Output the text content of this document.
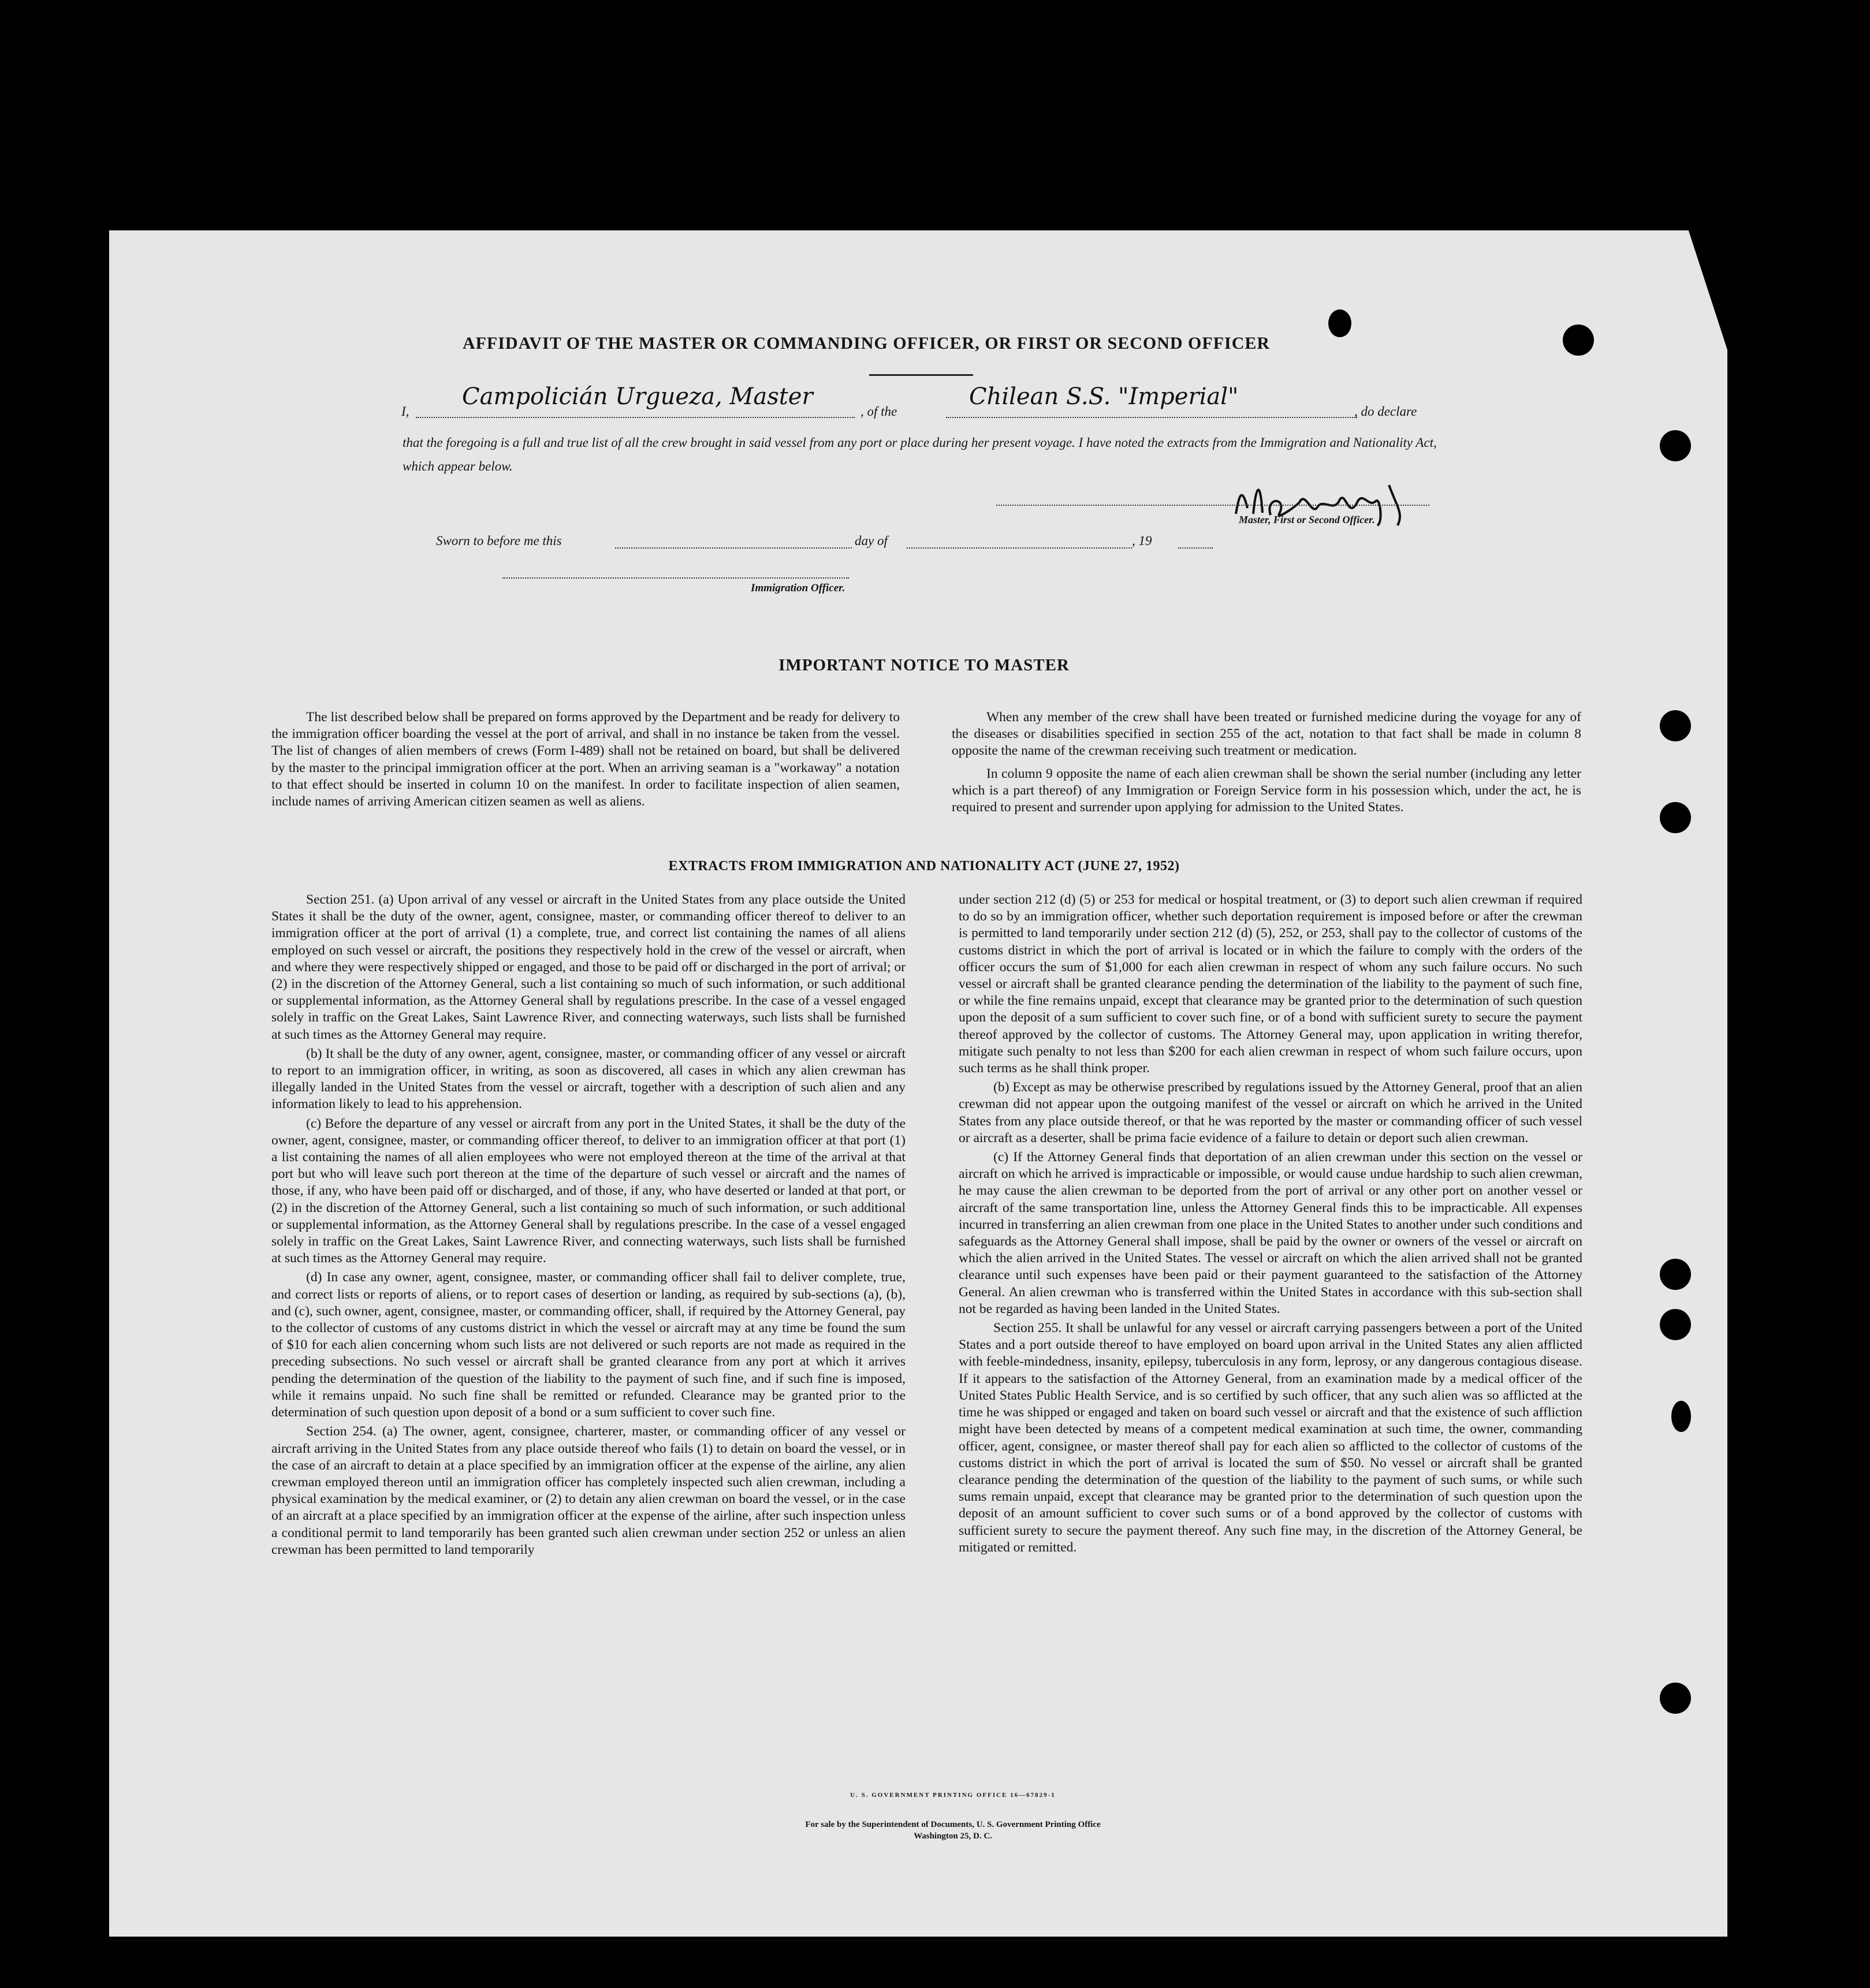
AFFIDAVIT OF THE MASTER OR COMMANDING OFFICER, OR FIRST OR SECOND OFFICER
I,
Campolicián Urgueza, Master
, of the
Chilean S.S. "Imperial"
, do declare
that the foregoing is a full and true list of all the crew brought in said vessel from any port or place during her present voyage. I have noted the extracts from the Immigration and Nationality Act, which appear below.
Master, First or Second Officer.
Sworn to before me this	day of	, 19
Immigration Officer.
IMPORTANT NOTICE TO MASTER

The list described below shall be prepared on forms approved by the Department and be ready for delivery to the immigration officer boarding the vessel at the port of arrival, and shall in no instance be taken from the vessel. The list of changes of alien members of crews (Form I-489) shall not be retained on board, but shall be delivered by the master to the principal immigration officer at the port. When an arriving seaman is a "workaway" a notation to that effect should be inserted in column 10 on the manifest. In order to facilitate inspection of alien seamen, include names of arriving American citizen seamen as well as aliens.

When any member of the crew shall have been treated or furnished medicine during the voyage for any of the diseases or disabilities specified in section 255 of the act, notation to that fact shall be made in column 8 opposite the name of the crewman receiving such treatment or medication.

In column 9 opposite the name of each alien crewman shall be shown the serial number (including any letter which is a part thereof) of any Immigration or Foreign Service form in his possession which, under the act, he is required to present and surrender upon applying for admission to the United States.

EXTRACTS FROM IMMIGRATION AND NATIONALITY ACT (JUNE 27, 1952)

Section 251. (a) Upon arrival of any vessel or aircraft in the United States from any place outside the United States it shall be the duty of the owner, agent, consignee, master, or commanding officer thereof to deliver to an immigration officer at the port of arrival (1) a complete, true, and correct list containing the names of all aliens employed on such vessel or aircraft, the positions they respectively hold in the crew of the vessel or aircraft, when and where they were respectively shipped or engaged, and those to be paid off or discharged in the port of arrival; or (2) in the discretion of the Attorney General, such a list containing so much of such information, or such additional or supplemental information, as the Attorney General shall by regulations prescribe. In the case of a vessel engaged solely in traffic on the Great Lakes, Saint Lawrence River, and connecting waterways, such lists shall be furnished at such times as the Attorney General may require.

(b) It shall be the duty of any owner, agent, consignee, master, or commanding officer of any vessel or aircraft to report to an immigration officer, in writing, as soon as discovered, all cases in which any alien crewman has illegally landed in the United States from the vessel or aircraft, together with a description of such alien and any information likely to lead to his apprehension.

(c) Before the departure of any vessel or aircraft from any port in the United States, it shall be the duty of the owner, agent, consignee, master, or commanding officer thereof, to deliver to an immigration officer at that port (1) a list containing the names of all alien employees who were not employed thereon at the time of the arrival at that port but who will leave such port thereon at the time of the departure of such vessel or aircraft and the names of those, if any, who have been paid off or discharged, and of those, if any, who have deserted or landed at that port, or (2) in the discretion of the Attorney General, such a list containing so much of such information, or such additional or supplemental information, as the Attorney General shall by regulations prescribe. In the case of a vessel engaged solely in traffic on the Great Lakes, Saint Lawrence River, and connecting waterways, such lists shall be furnished at such times as the Attorney General may require.

(d) In case any owner, agent, consignee, master, or commanding officer shall fail to deliver complete, true, and correct lists or reports of aliens, or to report cases of desertion or landing, as required by sub-sections (a), (b), and (c), such owner, agent, consignee, master, or commanding officer, shall, if required by the Attorney General, pay to the collector of customs of any customs district in which the vessel or aircraft may at any time be found the sum of $10 for each alien concerning whom such lists are not delivered or such reports are not made as required in the preceding subsections. No such vessel or aircraft shall be granted clearance from any port at which it arrives pending the determination of the question of the liability to the payment of such fine, and if such fine is imposed, while it remains unpaid. No such fine shall be remitted or refunded. Clearance may be granted prior to the determination of such question upon deposit of a bond or a sum sufficient to cover such fine.

Section 254. (a) The owner, agent, consignee, charterer, master, or commanding officer of any vessel or aircraft arriving in the United States from any place outside thereof who fails (1) to detain on board the vessel, or in the case of an aircraft to detain at a place specified by an immigration officer at the expense of the airline, any alien crewman employed thereon until an immigration officer has completely inspected such alien crewman, including a physical examination by the medical examiner, or (2) to detain any alien crewman on board the vessel, or in the case of an aircraft at a place specified by an immigration officer at the expense of the airline, after such inspection unless a conditional permit to land temporarily has been granted such alien crewman under section 252 or unless an alien crewman has been permitted to land temporarily

under section 212 (d) (5) or 253 for medical or hospital treatment, or (3) to deport such alien crewman if required to do so by an immigration officer, whether such deportation requirement is imposed before or after the crewman is permitted to land temporarily under section 212 (d) (5), 252, or 253, shall pay to the collector of customs of the customs district in which the port of arrival is located or in which the failure to comply with the orders of the officer occurs the sum of $1,000 for each alien crewman in respect of whom any such failure occurs. No such vessel or aircraft shall be granted clearance pending the determination of the liability to the payment of such fine, or while the fine remains unpaid, except that clearance may be granted prior to the determination of such question upon the deposit of a sum sufficient to cover such fine, or of a bond with sufficient surety to secure the payment thereof approved by the collector of customs. The Attorney General may, upon application in writing therefor, mitigate such penalty to not less than $200 for each alien crewman in respect of whom such failure occurs, upon such terms as he shall think proper.

(b) Except as may be otherwise prescribed by regulations issued by the Attorney General, proof that an alien crewman did not appear upon the outgoing manifest of the vessel or aircraft on which he arrived in the United States from any place outside thereof, or that he was reported by the master or commanding officer of such vessel or aircraft as a deserter, shall be prima facie evidence of a failure to detain or deport such alien crewman.

(c) If the Attorney General finds that deportation of an alien crewman under this section on the vessel or aircraft on which he arrived is impracticable or impossible, or would cause undue hardship to such alien crewman, he may cause the alien crewman to be deported from the port of arrival or any other port on another vessel or aircraft of the same transportation line, unless the Attorney General finds this to be impracticable. All expenses incurred in transferring an alien crewman from one place in the United States to another under such conditions and safeguards as the Attorney General shall impose, shall be paid by the owner or owners of the vessel or aircraft on which the alien arrived in the United States. The vessel or aircraft on which the alien arrived shall not be granted clearance until such expenses have been paid or their payment guaranteed to the satisfaction of the Attorney General. An alien crewman who is transferred within the United States in accordance with this sub-section shall not be regarded as having been landed in the United States.

Section 255. It shall be unlawful for any vessel or aircraft carrying passengers between a port of the United States and a port outside thereof to have employed on board upon arrival in the United States any alien afflicted with feeble-mindedness, insanity, epilepsy, tuberculosis in any form, leprosy, or any dangerous contagious disease. If it appears to the satisfaction of the Attorney General, from an examination made by a medical officer of the United States Public Health Service, and is so certified by such officer, that any such alien was so afflicted at the time he was shipped or engaged and taken on board such vessel or aircraft and that the existence of such affliction might have been detected by means of a competent medical examination at such time, the owner, commanding officer, agent, consignee, or master thereof shall pay for each alien so afflicted to the collector of customs of the customs district in which the port of arrival is located the sum of $50. No vessel or aircraft shall be granted clearance pending the determination of the question of the liability to the payment of such sums, or while such sums remain unpaid, except that clearance may be granted prior to the determination of such question upon the deposit of an amount sufficient to cover such sums or of a bond approved by the collector of customs with sufficient surety to secure the payment thereof. Any such fine may, in the discretion of the Attorney General, be mitigated or remitted.

U. S. GOVERNMENT PRINTING OFFICE 16—67829-1
For sale by the Superintendent of Documents, U. S. Government Printing Office
Washington 25, D. C.
